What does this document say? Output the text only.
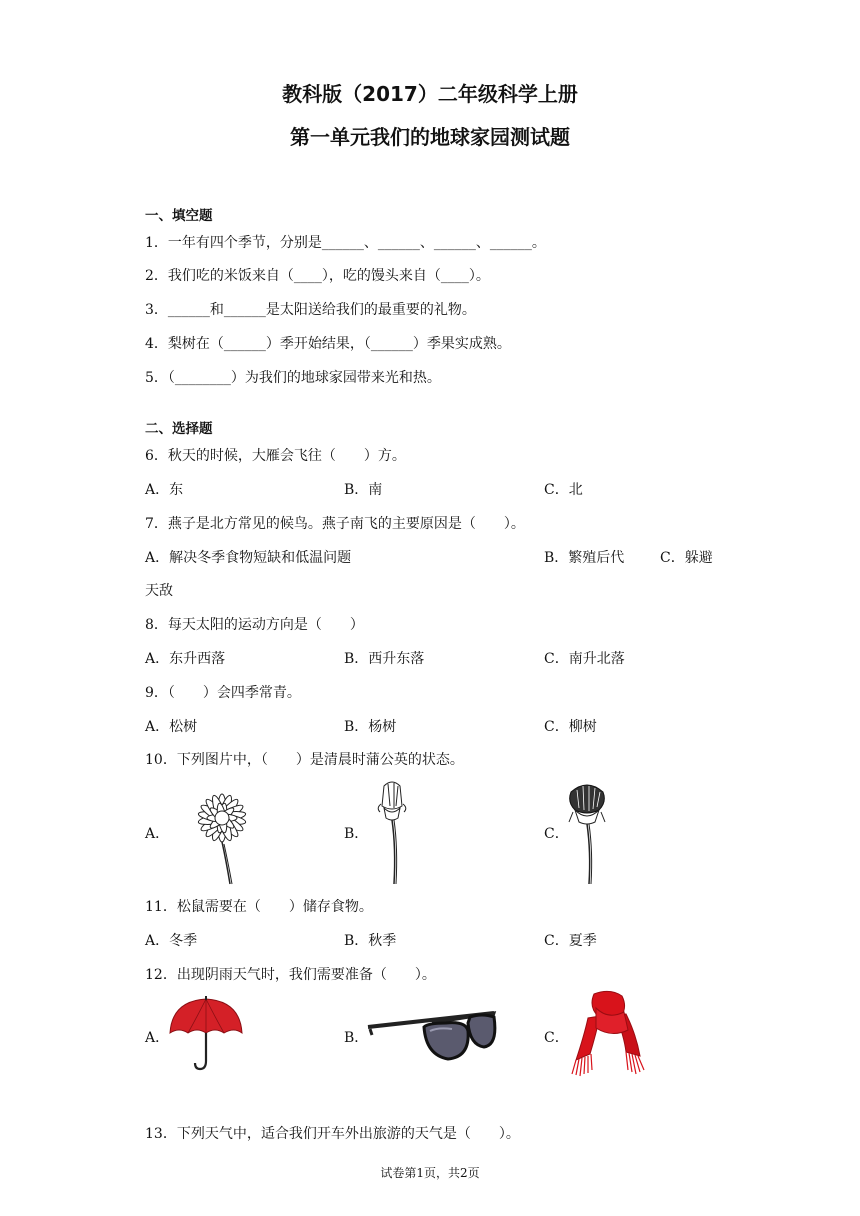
教科版（2017）二年级科学上册
第一单元我们的地球家园测试题
一、填空题
1．一年有四个季节，分别是______、______、______、______。
2．我们吃的米饭来自（____），吃的馒头来自（____）。
3．______和______是太阳送给我们的最重要的礼物。
4．梨树在（______）季开始结果，（______）季果实成熟。
5．（________）为我们的地球家园带来光和热。
二、选择题
6．秋天的时候，大雁会飞往（　　）方。
A．东	B．南	C．北
7．燕子是北方常见的候鸟。燕子南飞的主要原因是（　　）。
A．解决冬季食物短缺和低温问题	B．繁殖后代	C．躲避
天敌
8．每天太阳的运动方向是（　　）
A．东升西落	B．西升东落	C．南升北落
9．（　　）会四季常青。
A．松树	B．杨树	C．柳树
10．下列图片中，（　　）是清晨时蒲公英的状态。
A．	B．	C．
11．松鼠需要在（　　）储存食物。
A．冬季	B．秋季	C．夏季
12．出现阴雨天气时，我们需要准备（　　）。
A．	B．	C．
13．下列天气中，适合我们开车外出旅游的天气是（　　）。
试卷第1页，共2页
